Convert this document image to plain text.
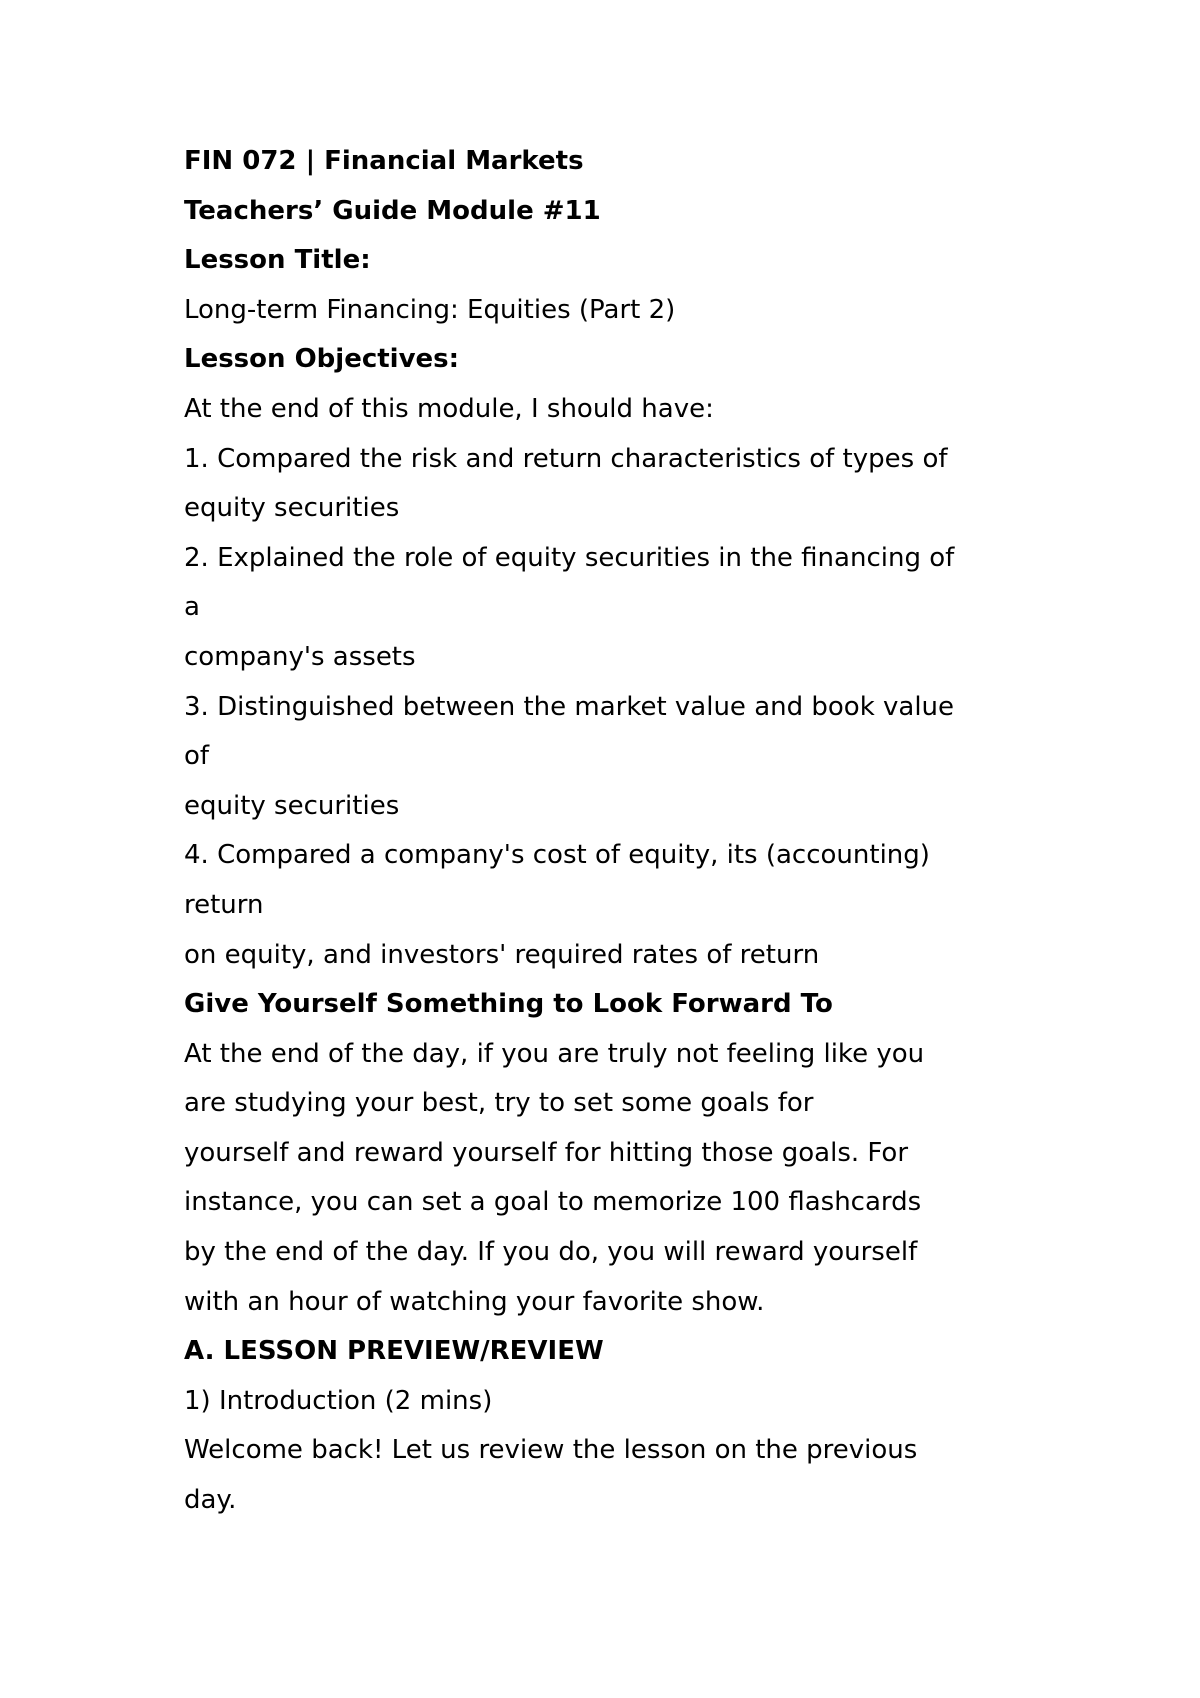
FIN 072 | Financial Markets

Teachers’ Guide Module #11

Lesson Title:

Long-term Financing: Equities (Part 2)

Lesson Objectives:

At the end of this module, I should have:

1. Compared the risk and return characteristics of types of

equity securities

2. Explained the role of equity securities in the financing of

a

company's assets

3. Distinguished between the market value and book value

of

equity securities

4. Compared a company's cost of equity, its (accounting)

return

on equity, and investors' required rates of return

Give Yourself Something to Look Forward To

At the end of the day, if you are truly not feeling like you

are studying your best, try to set some goals for

yourself and reward yourself for hitting those goals. For

instance, you can set a goal to memorize 100 flashcards

by the end of the day. If you do, you will reward yourself

with an hour of watching your favorite show.

A. LESSON PREVIEW/REVIEW

1) Introduction (2 mins)

Welcome back! Let us review the lesson on the previous

day.
